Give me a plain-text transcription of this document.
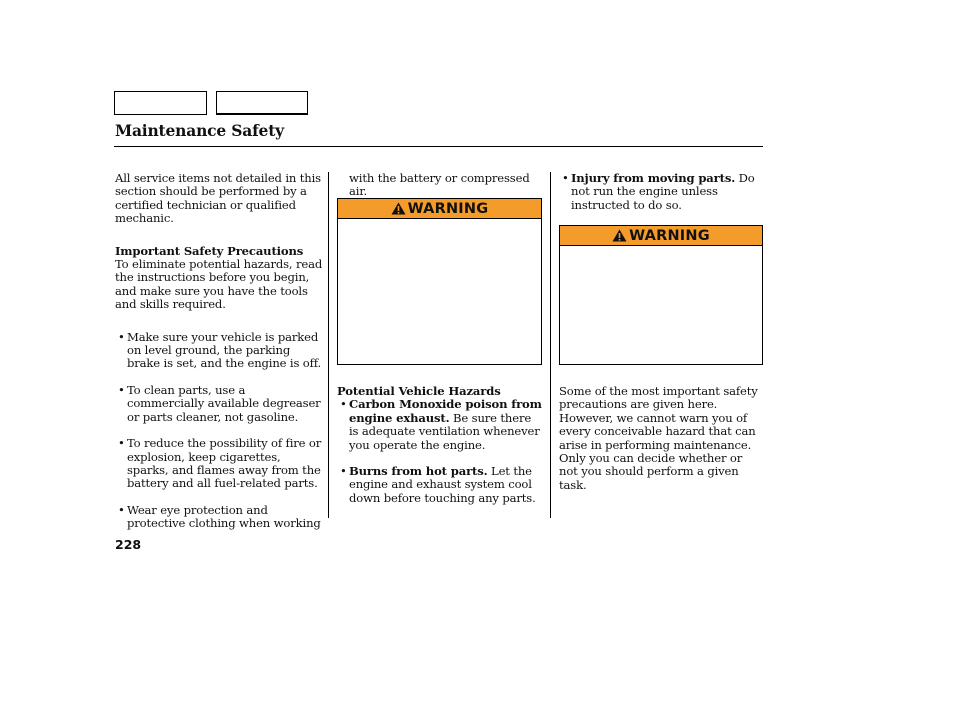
Maintenance Safety

All service items not detailed in this section should be performed by a certified technician or qualified mechanic.

Important Safety Precautions

To eliminate potential hazards, read the instructions before you begin, and make sure you have the tools and skills required.

• Make sure your vehicle is parked on level ground, the parking brake is set, and the engine is off.
• To clean parts, use a commercially available degreaser or parts cleaner, not gasoline.
• To reduce the possibility of fire or explosion, keep cigarettes, sparks, and flames away from the battery and all fuel-related parts.
• Wear eye protection and protective clothing when working

with the battery or compressed air.

WARNING

Potential Vehicle Hazards

• Carbon Monoxide poison from engine exhaust. Be sure there is adequate ventilation whenever you operate the engine.
• Burns from hot parts. Let the engine and exhaust system cool down before touching any parts.
• Injury from moving parts. Do not run the engine unless instructed to do so.
WARNING

Some of the most important safety precautions are given here. However, we cannot warn you of every conceivable hazard that can arise in performing maintenance. Only you can decide whether or not you should perform a given task.

228
